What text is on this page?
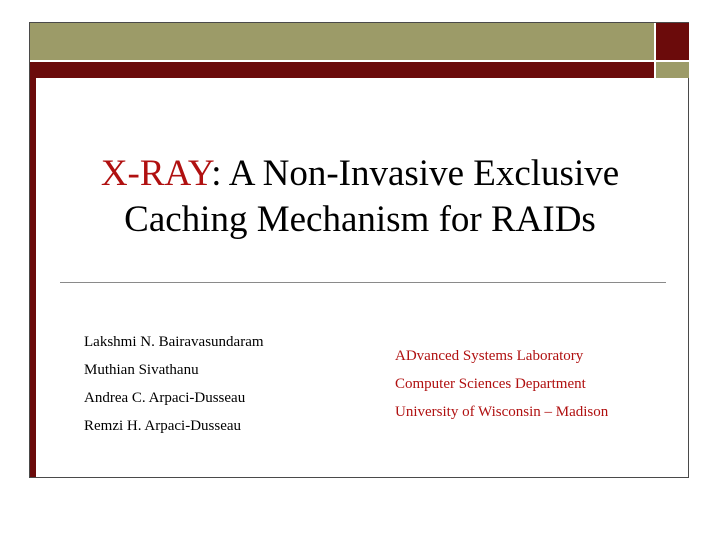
X-RAY: A Non-Invasive Exclusive
Caching Mechanism for RAIDs
Lakshmi N. Bairavasundaram
Muthian Sivathanu
Andrea C. Arpaci-Dusseau
Remzi H. Arpaci-Dusseau
ADvanced Systems Laboratory
Computer Sciences Department
University of Wisconsin – Madison
